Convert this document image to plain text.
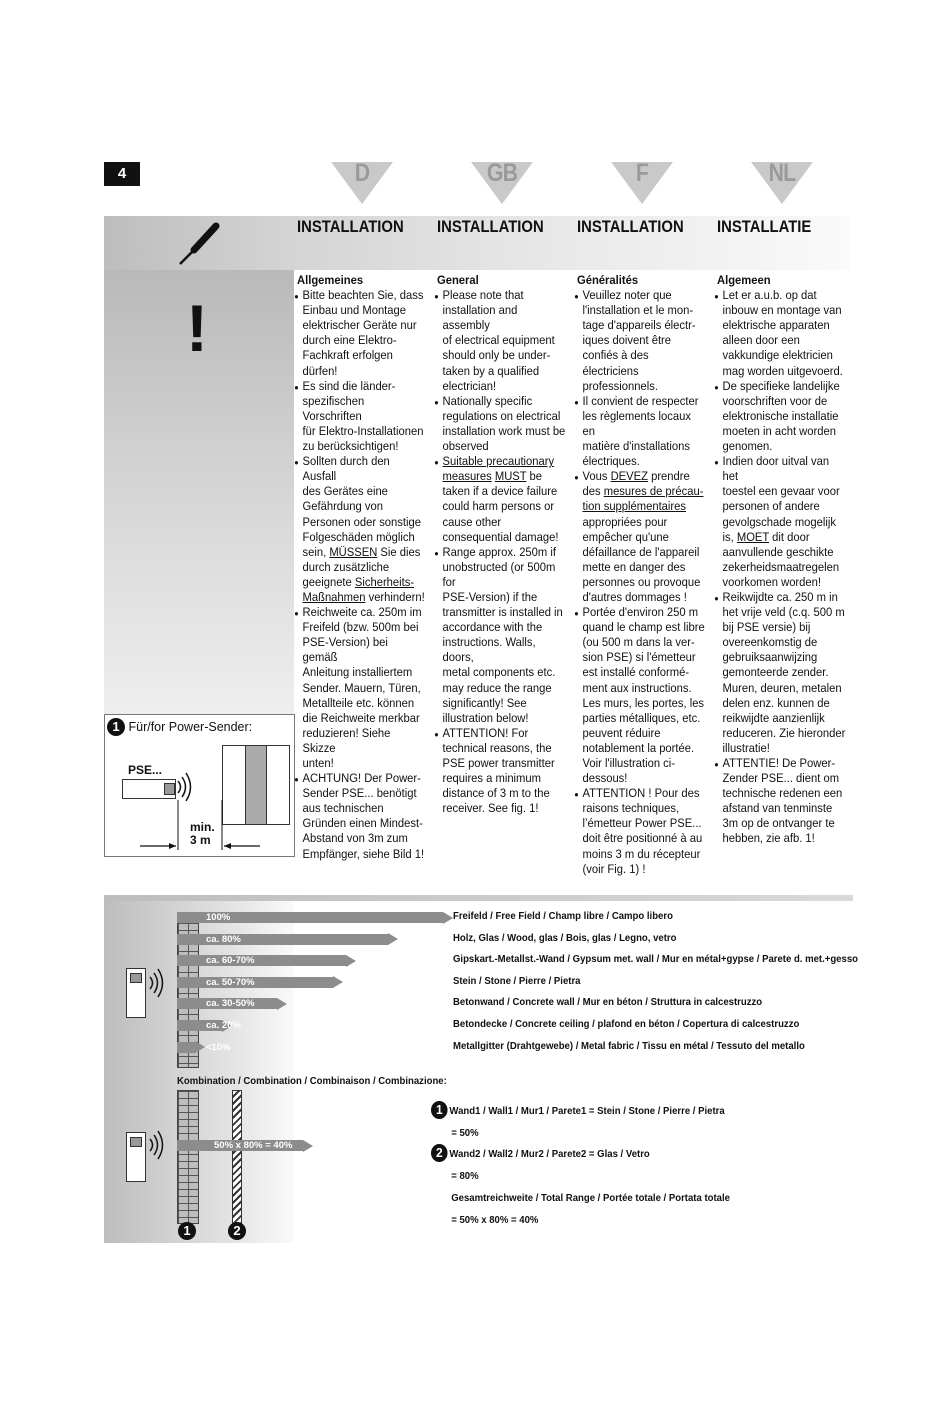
4	D	GB	F	NL
INSTALLATION INSTALLATION INSTALLATION INSTALLATIE
!
1 Für/for Power-Sender:
PSE...
min.
3 m
Allgemeines
● Bitte beachten Sie, dass
Einbau und Montage
elektrischer Geräte nur
durch eine Elektro-
Fachkraft erfolgen
dürfen!
● Es sind die länder-
spezifischen Vorschriften
für Elektro-Installationen
zu berücksichtigen!
● Sollten durch den Ausfall
des Gerätes eine
Gefährdung von
Personen oder sonstige
Folgeschäden möglich
sein, MÜSSEN Sie dies
durch zusätzliche
geeignete Sicherheits-
Maßnahmen verhindern!
● Reichweite ca. 250m im
Freifeld (bzw. 500m bei
PSE-Version) bei gemäß
Anleitung installiertem
Sender. Mauern, Türen,
Metallteile etc. können
die Reichweite merkbar
reduzieren! Siehe Skizze
unten!
● ACHTUNG! Der Power-
Sender PSE... benötigt
aus technischen
Gründen einen Mindest-
Abstand von 3m zum
Empfänger, siehe Bild 1!
General
● Please note that
installation and assembly
of electrical equipment
should only be under-
taken by a qualified
electrician!
● Nationally specific
regulations on electrical
installation work must be
observed
● Suitable precautionary
measures MUST be
taken if a device failure
could harm persons or
cause other
consequential damage!
● Range approx. 250m if
unobstructed (or 500m for
PSE-Version) if the
transmitter is installed in
accordance with the
instructions. Walls, doors,
metal components etc.
may reduce the range
significantly! See
illustration below!
● ATTENTION! For
technical reasons, the
PSE power transmitter
requires a minimum
distance of 3 m to the
receiver. See fig. 1!
Généralités
● Veuillez noter que
l'installation et le mon-
tage d'appareils électr-
iques doivent être
confiés à des électriciens
professionnels.
● Il convient de respecter
les règlements locaux en
matière d'installations
électriques.
● Vous DEVEZ prendre
des mesures de précau-
tion supplémentaires
appropriées pour
empêcher qu'une
défaillance de l'appareil
mette en danger des
personnes ou provoque
d'autres dommages !
● Portée d'environ 250 m
quand le champ est libre
(ou 500 m dans la ver-
sion PSE) si l'émetteur
est installé conformé-
ment aux instructions.
Les murs, les portes, les
parties métalliques, etc.
peuvent réduire
notablement la portée.
Voir l'illustration ci-
dessous!
● ATTENTION ! Pour des
raisons techniques,
l’émetteur Power PSE...
doit être positionné à au
moins 3 m du récepteur
(voir Fig. 1) !
Algemeen
● Let er a.u.b. op dat
inbouw en montage van
elektrische apparaten
alleen door een
vakkundige elektricien
mag worden uitgevoerd.
● De specifieke landelijke
voorschriften voor de
elektronische installatie
moeten in acht worden
genomen.
● Indien door uitval van het
toestel een gevaar voor
personen of andere
gevolgschade mogelijk
is, MOET dit door
aanvullende geschikte
zekerheidsmaatregelen
voorkomen worden!
● Reikwijdte ca. 250 m in
het vrije veld (c.q. 500 m
bij PSE versie) bij
overeenkomstig de
gebruiksaanwijzing
gemonteerde zender.
Muren, deuren, metalen
delen enz. kunnen de
reikwijdte aanzienlijk
reduceren. Zie hieronder
illustratie!
● ATTENTIE! De Power-
Zender PSE... dient om
technische redenen een
afstand van tenminste
3m op de ontvanger te
hebben, zie afb. 1!
100%	Freifeld / Free Field / Champ libre / Campo libero
ca. 80%	Holz, Glas / Wood, glas / Bois, glas / Legno, vetro
ca. 60-70%	Gipskart.-Metallst.-Wand / Gypsum met. wall / Mur en métal+gypse / Parete d. met.+gesso
ca. 50-70%	Stein / Stone / Pierre / Pietra
ca. 30-50%	Betonwand / Concrete wall / Mur en béton / Struttura in calcestruzzo
ca. 20%	Betondecke / Concrete ceiling / plafond en béton / Copertura di calcestruzzo
<10%	Metallgitter (Drahtgewebe) / Metal fabric / Tissu en métal / Tessuto del metallo
Kombination / Combination / Combinaison / Combinazione:
50% x 80% = 40%
1	2
1 Wand1 / Wall1 / Mur1 / Parete1 = Stein / Stone / Pierre / Pietra
= 50%
2 Wand2 / Wall2 / Mur2 / Parete2 = Glas / Vetro
= 80%
Gesamtreichweite / Total Range / Portée totale / Portata totale
= 50% x 80% = 40%
